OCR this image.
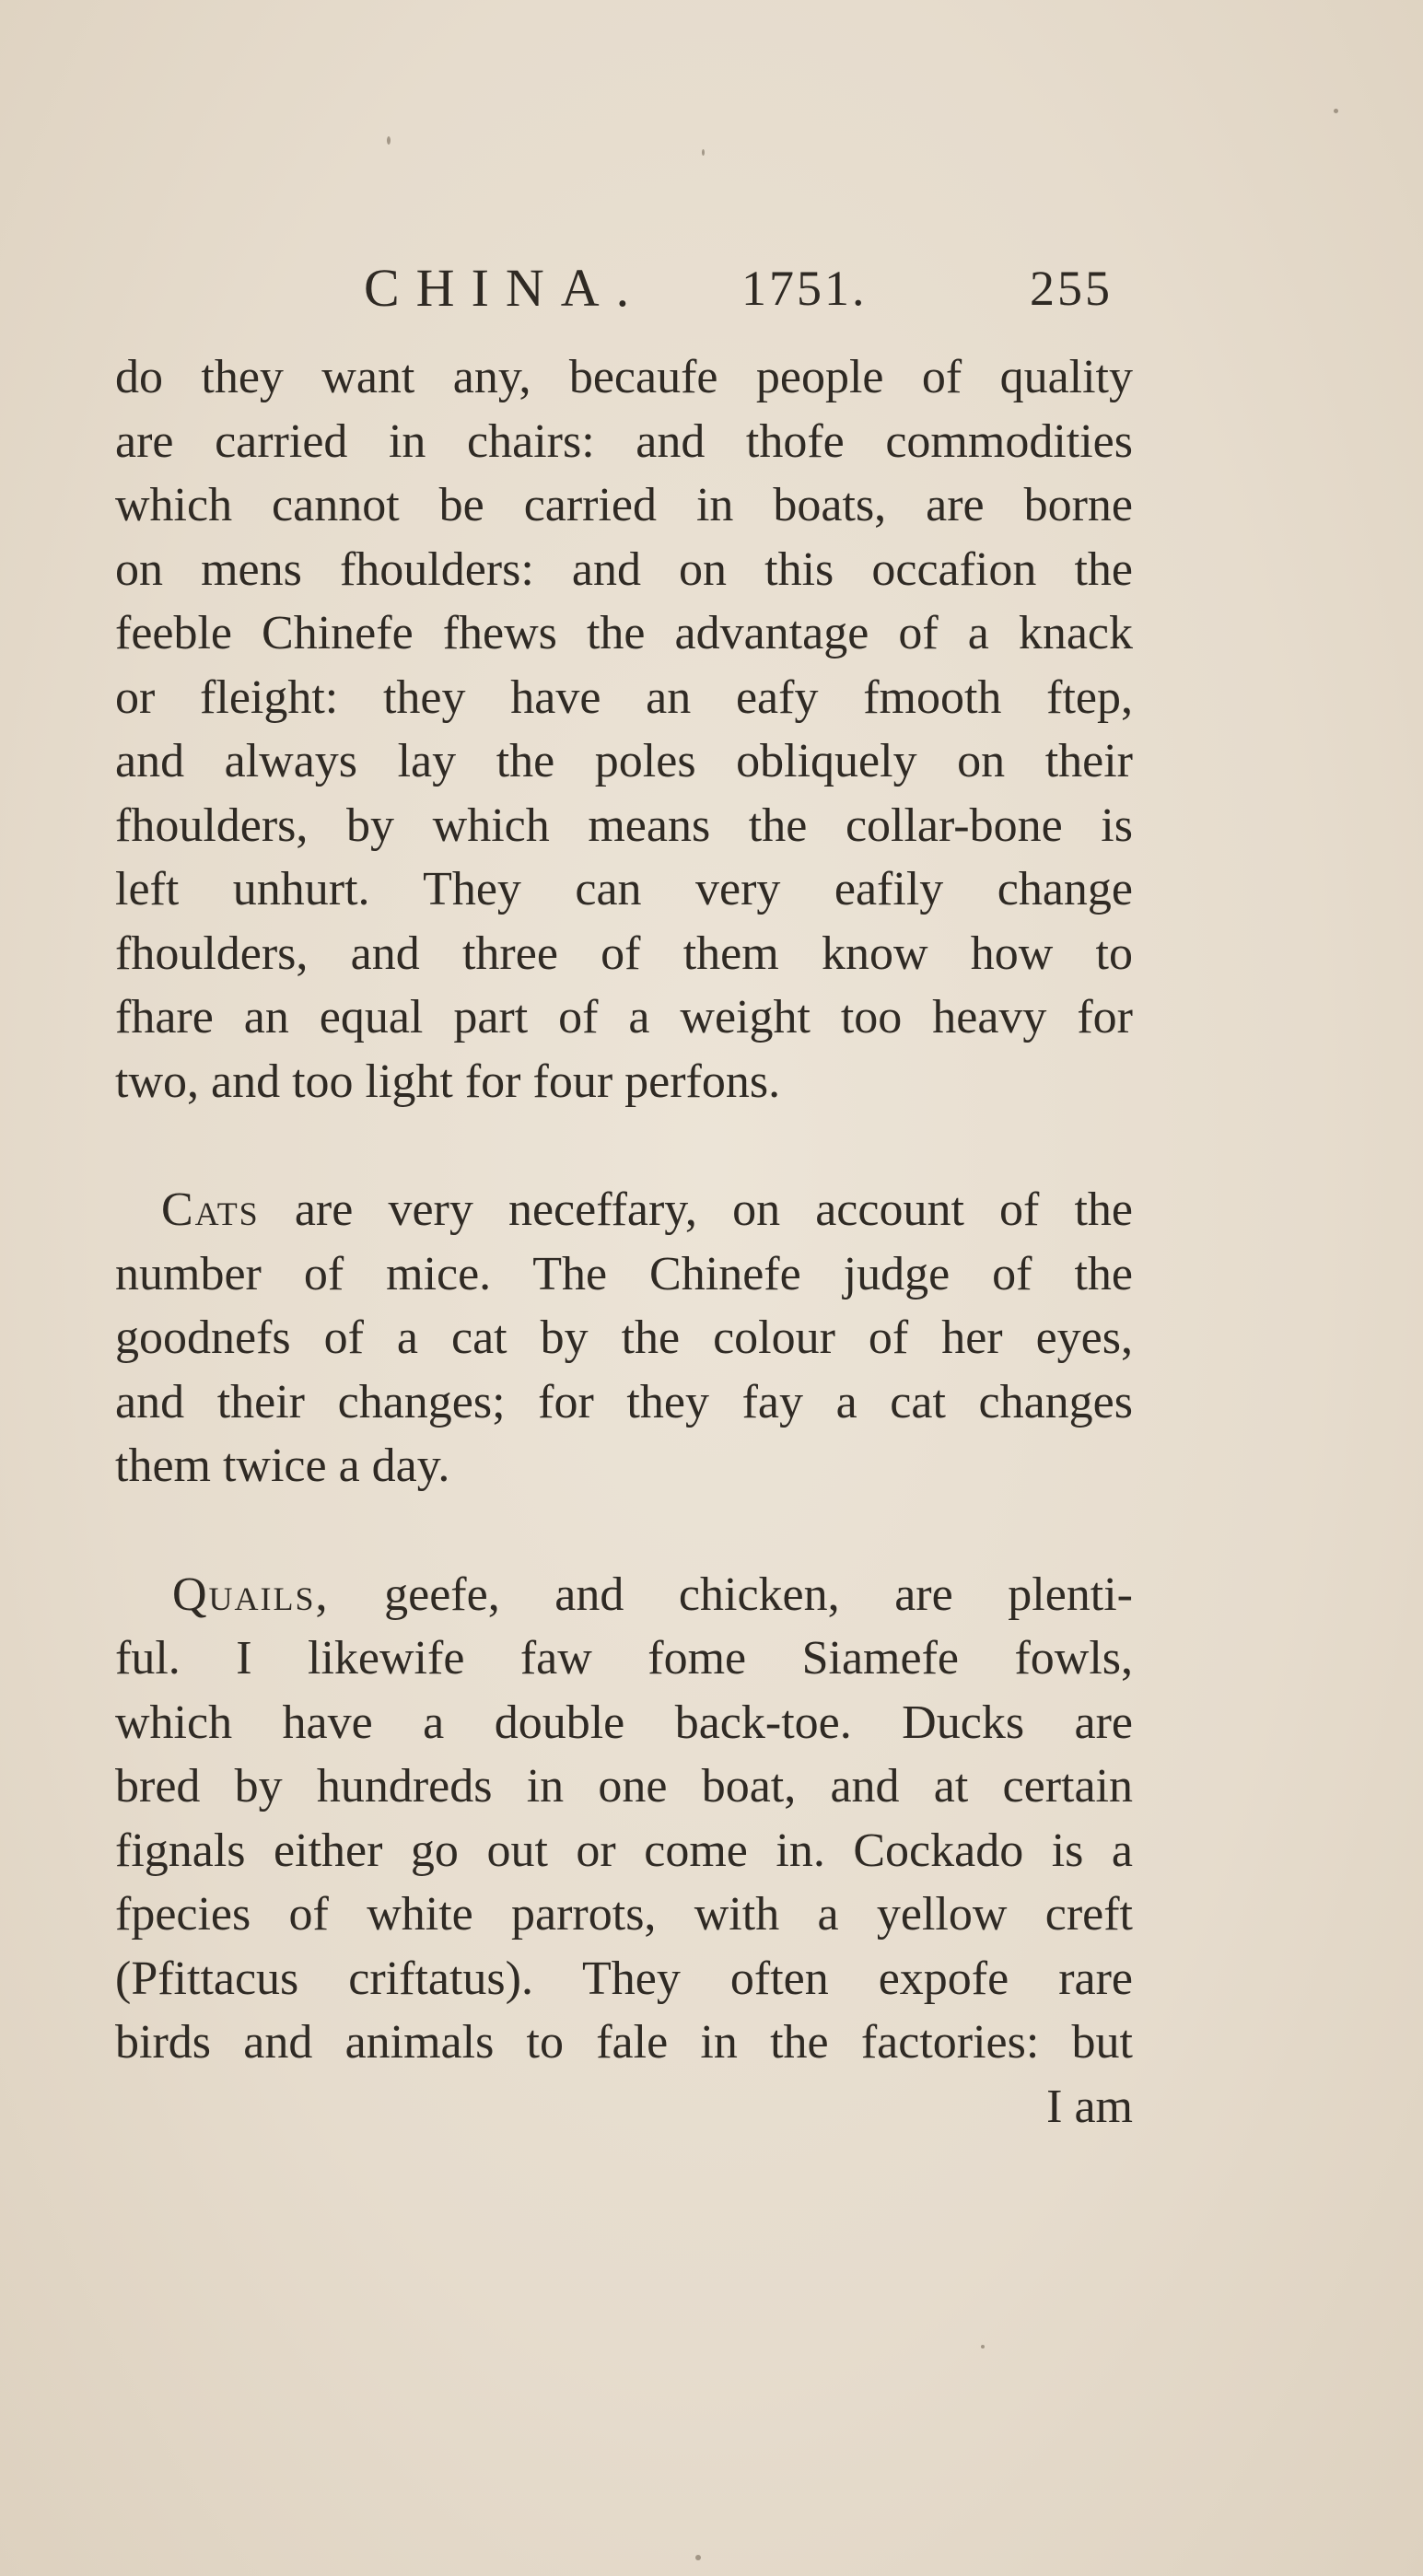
CHINA. 1751.	255
do they want any, becaufe people of quality
are carried in chairs: and thofe commodities
which cannot be carried in boats, are borne
on mens fhoulders: and on this occafion the
feeble Chinefe fhews the advantage of a knack
or fleight: they have an eafy fmooth ftep,
and always lay the poles obliquely on their
fhoulders, by which means the collar-bone is
left unhurt. They can very eafily change
fhoulders, and three of them know how to
fhare an equal part of a weight too heavy for
two, and too light for four perfons.
Cats are very neceffary, on account of the
number of mice. The Chinefe judge of the
goodnefs of a cat by the colour of her eyes,
and their changes; for they fay a cat changes
them twice a day.
Quails, geefe, and chicken, are plenti-
ful. I likewife faw fome Siamefe fowls,
which have a double back-toe. Ducks are
bred by hundreds in one boat, and at certain
fignals either go out or come in. Cockado is a
fpecies of white parrots, with a yellow creft
(Pfittacus criftatus). They often expofe rare
birds and animals to fale in the factories: but
I am
